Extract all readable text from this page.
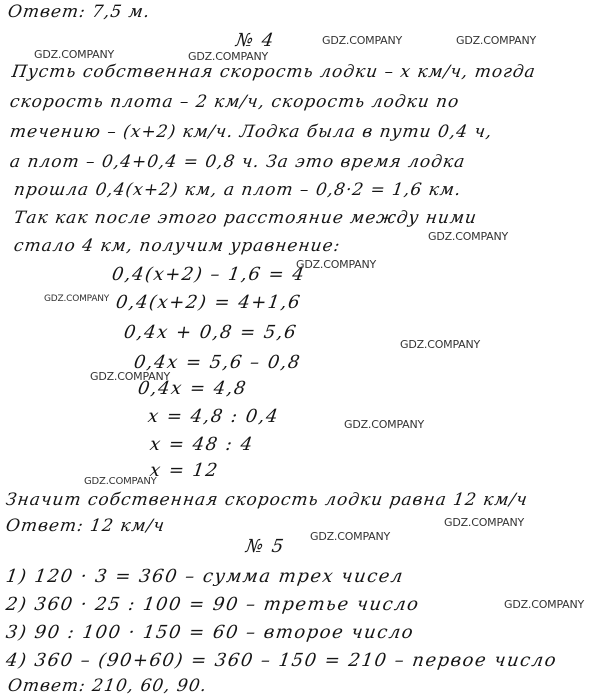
Ответ: 7,5 м.
№ 4
Пусть собственная скорость лодки – x км/ч, тогда
скорость плота – 2 км/ч, скорость лодки по
течению – (x+2) км/ч. Лодка была в пути 0,4 ч,
а плот – 0,4+0,4 = 0,8 ч. За это время лодка
прошла 0,4(x+2) км, а плот – 0,8·2 = 1,6 км.
Так как после этого расстояние между ними
стало 4 км, получим уравнение:
0,4(x+2) – 1,6 = 4
0,4(x+2) = 4+1,6
0,4x + 0,8 = 5,6
0,4x = 5,6 – 0,8
0,4x = 4,8
x = 4,8 : 0,4
x = 48 : 4
x = 12
Значит собственная скорость лодки равна 12 км/ч
Ответ: 12 км/ч
№ 5
1) 120 · 3 = 360 – сумма трех чисел
2) 360 · 25 : 100 = 90 – третье число
3) 90 : 100 · 150 = 60 – второе число
4) 360 – (90+60) = 360 – 150 = 210 – первое число
Ответ: 210, 60, 90.
GDZ.COMPANY	GDZ.COMPANY
GDZ.COMPANY	GDZ.COMPANY
GDZ.COMPANY
GDZ.COMPANY
GDZ.COMPANY
GDZ.COMPANY
GDZ.COMPANY
GDZ.COMPANY
GDZ.COMPANY
GDZ.COMPANY
GDZ.COMPANY
GDZ.COMPANY
